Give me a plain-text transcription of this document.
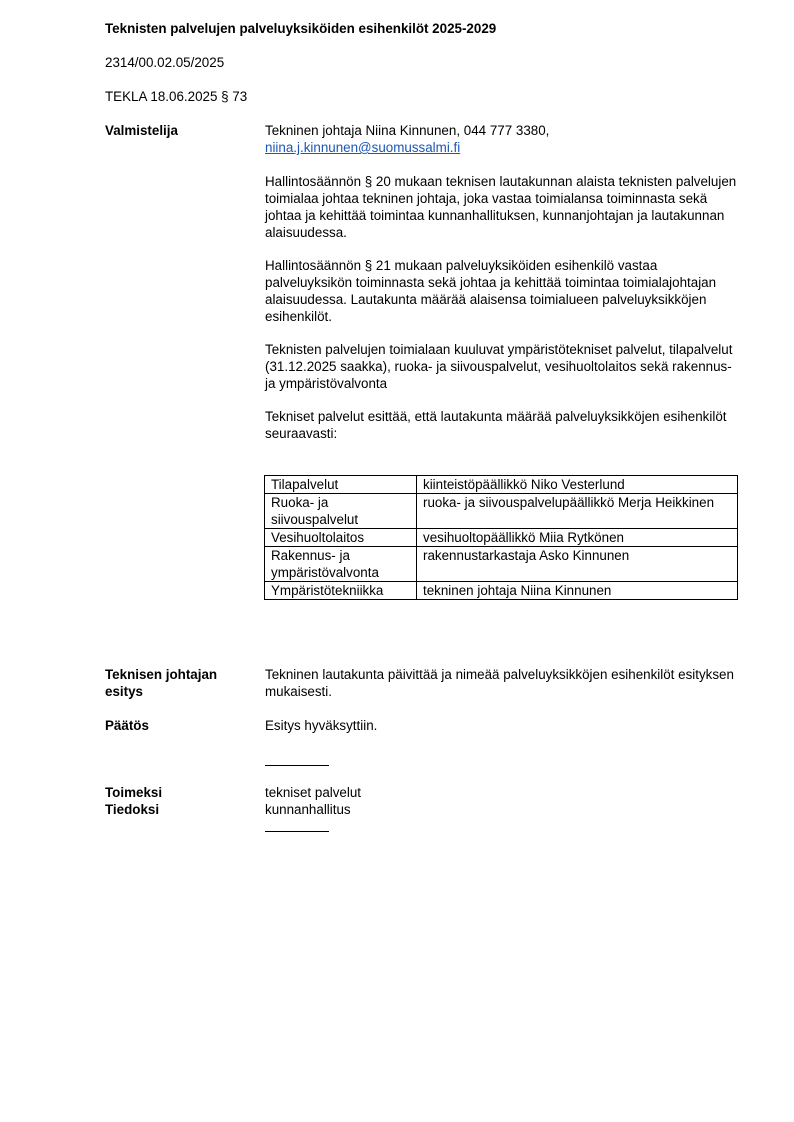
Teknisten palvelujen palveluyksiköiden esihenkilöt 2025-2029
2314/00.02.05/2025
TEKLA 18.06.2025 § 73
Valmistelija	Tekninen johtaja Niina Kinnunen, 044 777 3380,
niina.j.kinnunen@suomussalmi.fi
Hallintosäännön § 20 mukaan teknisen lautakunnan alaista teknisten palvelujen toimialaa johtaa tekninen johtaja, joka vastaa toimialansa toiminnasta sekä johtaa ja kehittää toimintaa kunnanhallituksen, kunnanjohtajan ja lautakunnan alaisuudessa.
Hallintosäännön § 21 mukaan palveluyksiköiden esihenkilö vastaa palveluyksikön toiminnasta sekä johtaa ja kehittää toimintaa toimialajohtajan alaisuudessa. Lautakunta määrää alaisensa toimialueen palveluyksikköjen esihenkilöt.
Teknisten palvelujen toimialaan kuuluvat ympäristötekniset palvelut, tilapalvelut (31.12.2025 saakka), ruoka- ja siivouspalvelut, vesihuoltolaitos sekä rakennus- ja ympäristövalvonta
Tekniset palvelut esittää, että lautakunta määrää palveluyksikköjen esihenkilöt seuraavasti:
Tilapalvelut	kiinteistöpäällikkö Niko Vesterlund
Ruoka- ja siivouspalvelut	ruoka- ja siivouspalvelupäällikkö Merja Heikkinen
Vesihuoltolaitos	vesihuoltopäällikkö Miia Rytkönen
Rakennus- ja ympäristövalvonta	rakennustarkastaja Asko Kinnunen
Ympäristötekniikka	tekninen johtaja Niina Kinnunen
Teknisen johtajan esitys
Tekninen lautakunta päivittää ja nimeää palveluyksikköjen esihenkilöt esityksen mukaisesti.
Päätös	Esitys hyväksyttiin.
Toimeksi	tekniset palvelut
Tiedoksi	kunnanhallitus
